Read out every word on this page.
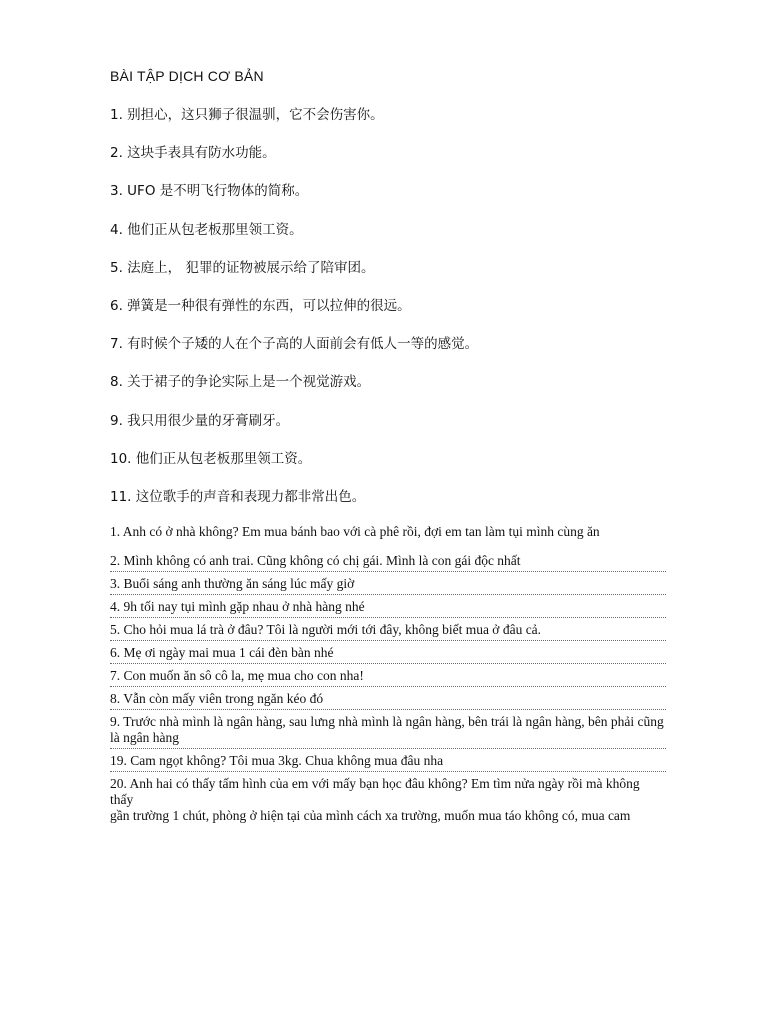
BÀI TẬP DỊCH CƠ BẢN
1. 别担心，这只狮子很温驯，它不会伤害你。
2. 这块手表具有防水功能。
3. UFO 是不明飞行物体的简称。
4. 他们正从包老板那里领工资。
5. 法庭上， 犯罪的证物被展示给了陪审团。
6. 弹簧是一种很有弹性的东西，可以拉伸的很远。
7. 有时候个子矮的人在个子高的人面前会有低人一等的感觉。
8. 关于裙子的争论实际上是一个视觉游戏。
9. 我只用很少量的牙膏刷牙。
10. 他们正从包老板那里领工资。
11. 这位歌手的声音和表现力都非常出色。
1. Anh có ở nhà không? Em mua bánh bao với cà phê rồi, đợi em tan làm tụi mình cùng ăn
2. Mình không có anh trai. Cũng không có chị gái. Mình là con gái độc nhất
3. Buổi sáng anh thường ăn sáng lúc mấy giờ
4. 9h tối nay tụi mình gặp nhau ở nhà hàng nhé
5. Cho hỏi mua lá trà ở đâu? Tôi là người mới tới đây, không biết mua ở đâu cả.
6. Mẹ ơi ngày mai mua 1 cái đèn bàn nhé
7. Con muốn ăn sô cô la, mẹ mua cho con nha!
8. Vẫn còn mấy viên trong ngăn kéo đó
9. Trước nhà mình là ngân hàng, sau lưng nhà mình là ngân hàng, bên trái là ngân hàng, bên phải cũng là ngân hàng
19. Cam ngọt không? Tôi mua 3kg. Chua không mua đâu nha
20. Anh hai có thấy tấm hình của em với mấy bạn học đâu không? Em tìm nửa ngày rồi mà không thấy
gần trường 1 chút, phòng ở hiện tại của mình cách xa trường, muốn mua táo không có, mua cam
